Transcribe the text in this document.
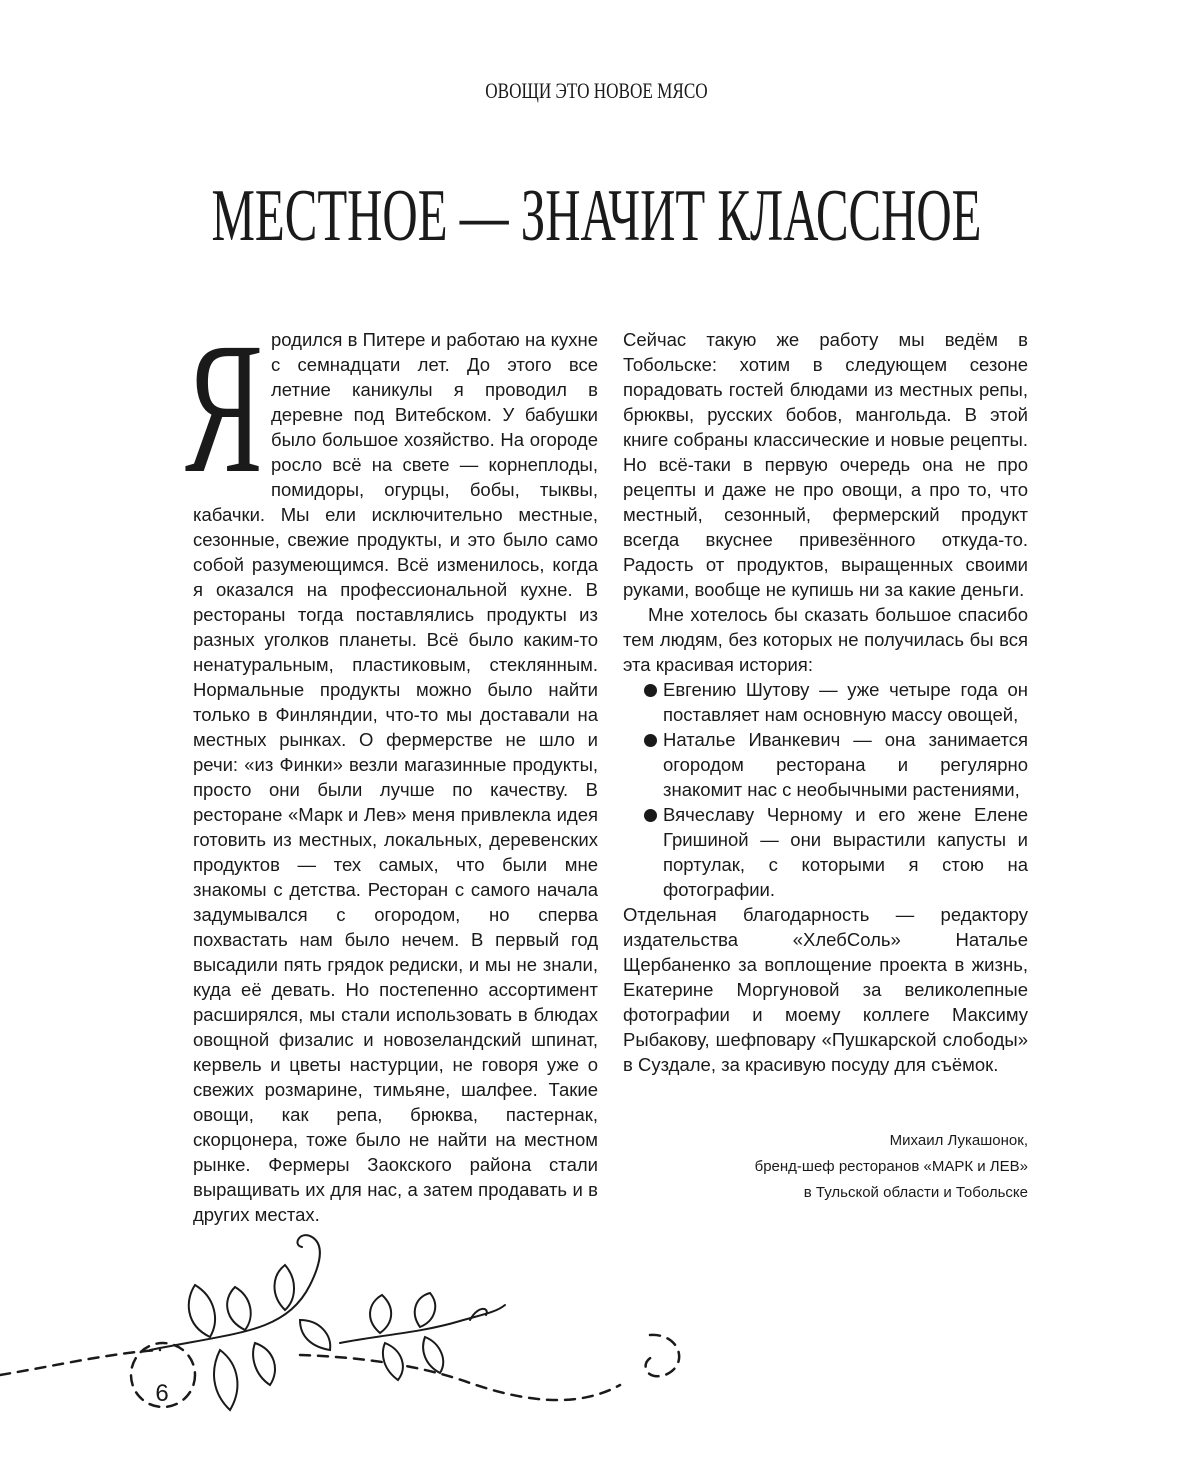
ОВОЩИ ЭТО НОВОЕ МЯСО
МЕСТНОЕ — ЗНАЧИТ КЛАССНОЕ

Я родился в Питере и работаю на кухне с семнадцати лет. До этого все летние каникулы я проводил в деревне под Витебском. У бабушки было большое хозяйство. На огороде росло всё на свете — корнеплоды, помидоры, огурцы, бобы, тыквы, кабачки. Мы ели исключительно местные, сезонные, свежие продукты, и это было само собой разумеющимся. Всё изменилось, когда я оказался на профессиональной кухне. В рестораны тогда поставлялись продукты из разных уголков планеты. Всё было каким-то ненатуральным, пластиковым, стеклянным. Нормальные продукты можно было найти только в Финляндии, что-то мы доставали на местных рынках. О фермерстве не шло и речи: «из Финки» везли магазинные продукты, просто они были лучше по качеству. В ресторане «Марк и Лев» меня привлекла идея готовить из местных, локальных, деревенских продуктов — тех самых, что были мне знакомы с детства. Ресторан с самого начала задумывался с огородом, но сперва похвастать нам было нечем. В первый год высадили пять грядок редиски, и мы не знали, куда её девать. Но постепенно ассортимент расширялся, мы стали использовать в блюдах овощной физалис и новозеландский шпинат, кервель и цветы настурции, не говоря уже о свежих розмарине, тимьяне, шалфее. Такие овощи, как репа, брюква, пастернак, скорцонера, тоже было не найти на местном рынке. Фермеры Заокского района стали выращивать их для нас, а затем продавать и в других местах.

Сейчас такую же работу мы ведём в Тобольске: хотим в следующем сезоне порадовать гостей блюдами из местных репы, брюквы, русских бобов, мангольда. В этой книге собраны классические и новые рецепты. Но всё-таки в первую очередь она не про рецепты и даже не про овощи, а про то, что местный, сезонный, фермерский продукт всегда вкуснее привезённого откуда-то. Радость от продуктов, выращенных своими руками, вообще не купишь ни за какие деньги.

Мне хотелось бы сказать большое спасибо тем людям, без которых не получилась бы вся эта красивая история:

Евгению Шутову — уже четыре года он поставляет нам основную массу овощей,
Наталье Иванкевич — она занимается огородом ресторана и регулярно знакомит нас с необычными растениями,
Вячеславу Черному и его жене Елене Гришиной — они вырастили капусты и портулак, с которыми я стою на фотографии.

Отдельная благодарность — редактору издательства «ХлебСоль» Наталье Щербаненко за воплощение проекта в жизнь, Екатерине Моргуновой за великолепные фотографии и моему коллеге Максиму Рыбакову, шефповару «Пушкарской слободы» в Суздале, за красивую посуду для съёмок.

Михаил Лукашонок,
бренд-шеф ресторанов «МАРК и ЛЕВ»
в Тульской области и Тобольске
6
